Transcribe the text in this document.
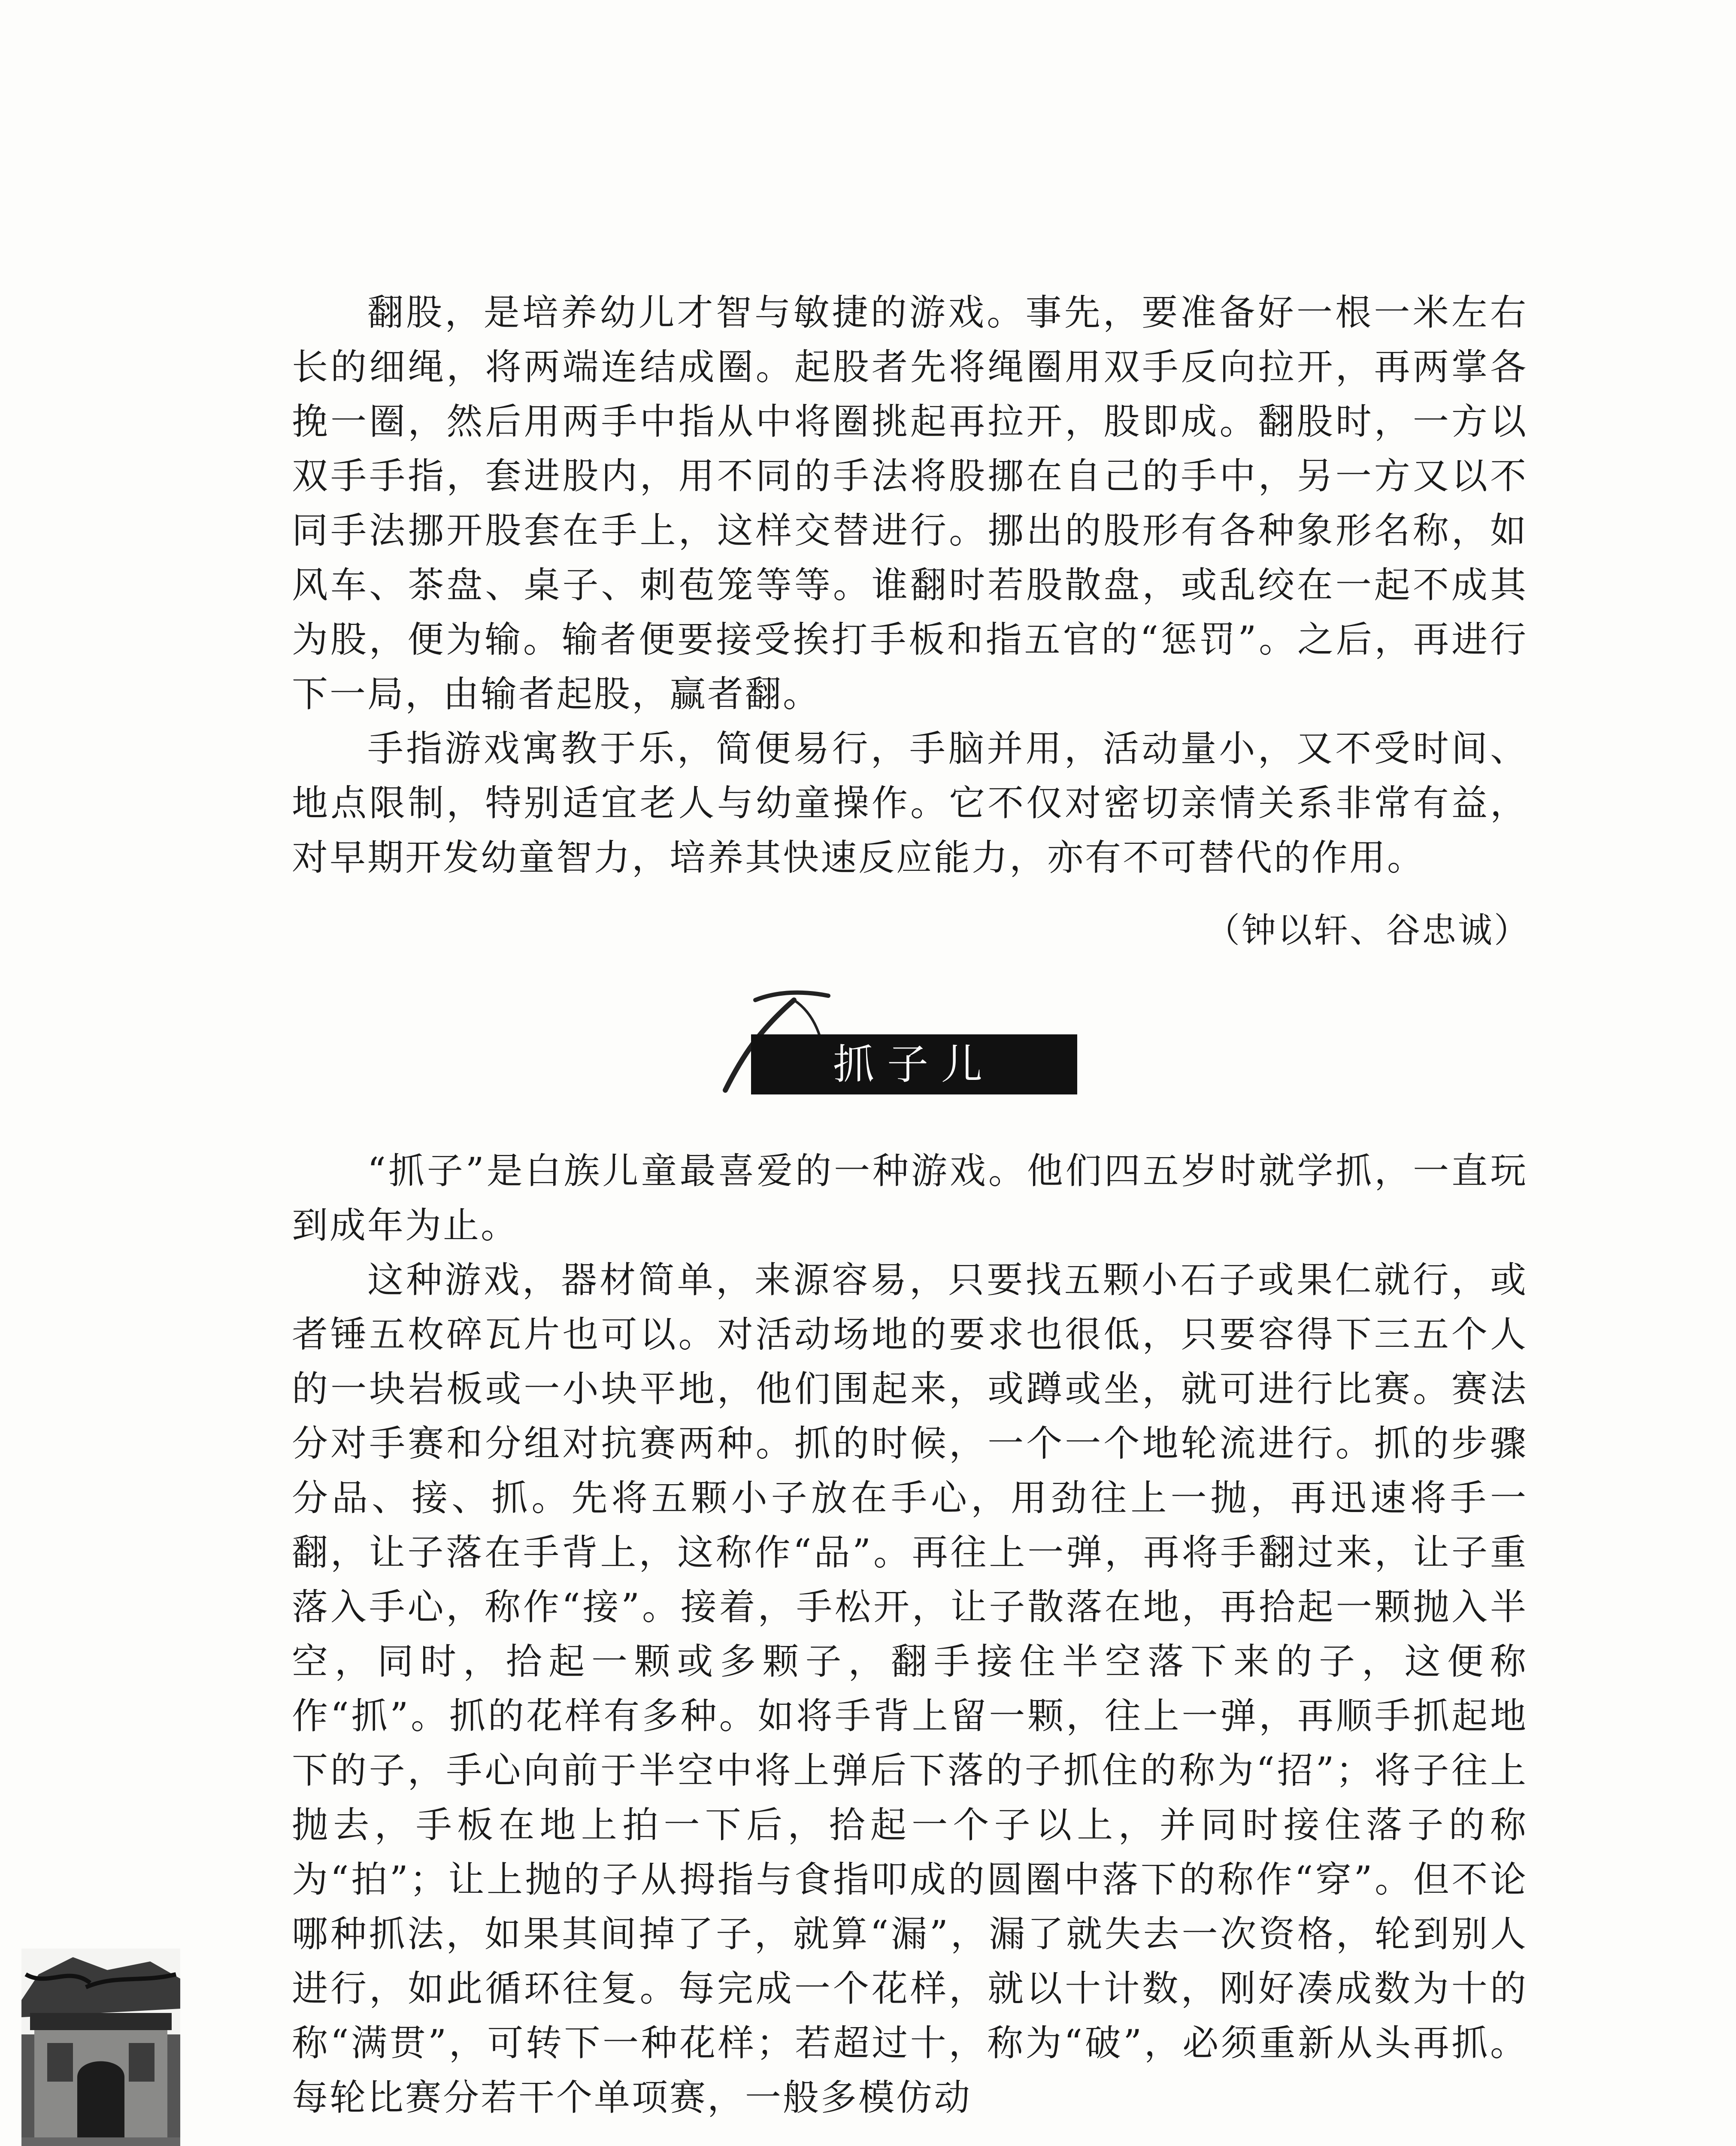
翻股，是培养幼儿才智与敏捷的游戏。事先，要准备好一根一米左右长的细绳，将两端连结成圈。起股者先将绳圈用双手反向拉开，再两掌各挽一圈，然后用两手中指从中将圈挑起再拉开，股即成。翻股时，一方以双手手指，套进股内，用不同的手法将股挪在自己的手中，另一方又以不同手法挪开股套在手上，这样交替进行。挪出的股形有各种象形名称，如风车、茶盘、桌子、刺苞笼等等。谁翻时若股散盘，或乱绞在一起不成其为股，便为输。输者便要接受挨打手板和指五官的“惩罚”。之后，再进行下一局，由输者起股，赢者翻。

手指游戏寓教于乐，简便易行，手脑并用，活动量小，又不受时间、地点限制，特别适宜老人与幼童操作。它不仅对密切亲情关系非常有益，对早期开发幼童智力，培养其快速反应能力，亦有不可替代的作用。

（钟以轩、谷忠诚）
抓子儿

“抓子”是白族儿童最喜爱的一种游戏。他们四五岁时就学抓，一直玩到成年为止。

这种游戏，器材简单，来源容易，只要找五颗小石子或果仁就行，或者锤五枚碎瓦片也可以。对活动场地的要求也很低，只要容得下三五个人的一块岩板或一小块平地，他们围起来，或蹲或坐，就可进行比赛。赛法分对手赛和分组对抗赛两种。抓的时候，一个一个地轮流进行。抓的步骤分品、接、抓。先将五颗小子放在手心，用劲往上一抛，再迅速将手一翻，让子落在手背上，这称作“品”。再往上一弹，再将手翻过来，让子重落入手心，称作“接”。接着，手松开，让子散落在地，再拾起一颗抛入半空，同时，拾起一颗或多颗子，翻手接住半空落下来的子，这便称作“抓”。抓的花样有多种。如将手背上留一颗，往上一弹，再顺手抓起地下的子，手心向前于半空中将上弹后下落的子抓住的称为“招”；将子往上抛去，手板在地上拍一下后，拾起一个子以上，并同时接住落子的称为“拍”；让上抛的子从拇指与食指叩成的圆圈中落下的称作“穿”。但不论哪种抓法，如果其间掉了子，就算“漏”，漏了就失去一次资格，轮到别人进行，如此循环往复。每完成一个花样，就以十计数，刚好凑成数为十的称“满贯”，可转下一种花样；若超过十，称为“破”，必须重新从头再抓。每轮比赛分若干个单项赛，一般多模仿动
